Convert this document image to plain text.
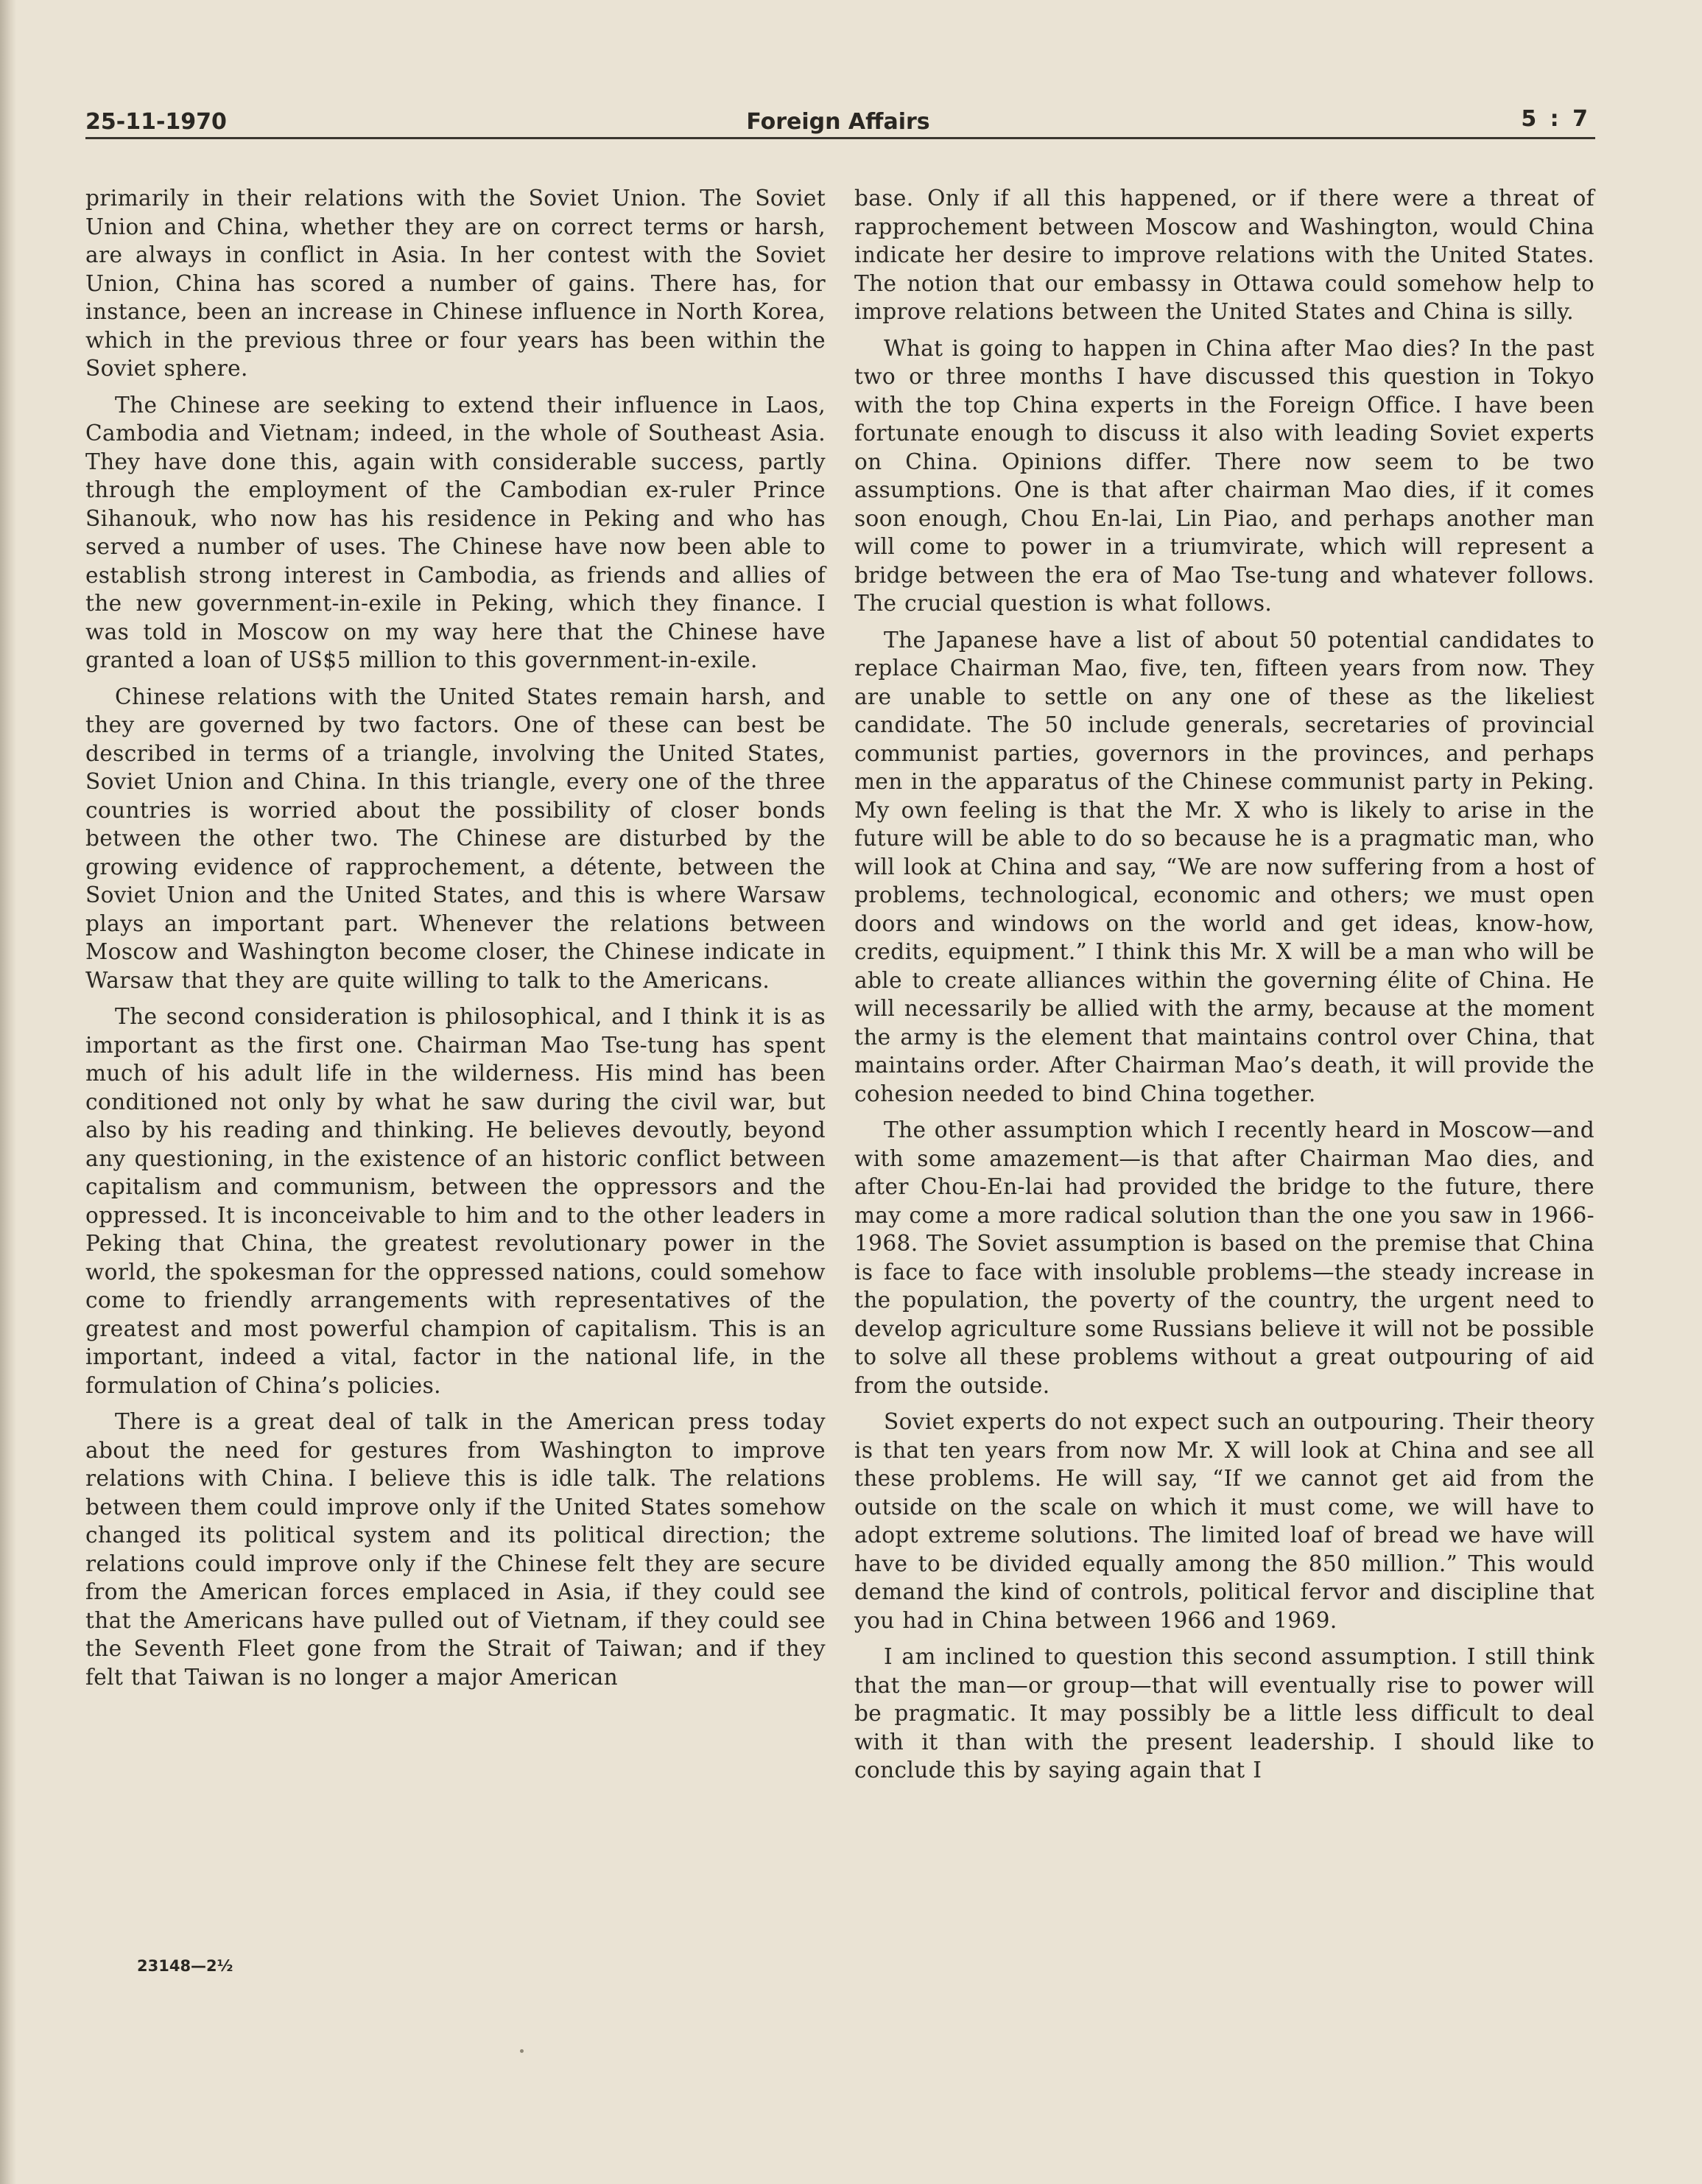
25-11-1970	Foreign Affairs	5 : 7

primarily in their relations with the Soviet Union. The Soviet Union and China, whether they are on correct terms or harsh, are always in conflict in Asia. In her contest with the Soviet Union, China has scored a number of gains. There has, for instance, been an increase in Chinese influence in North Korea, which in the previous three or four years has been within the Soviet sphere.

The Chinese are seeking to extend their influence in Laos, Cambodia and Vietnam; indeed, in the whole of Southeast Asia. They have done this, again with considerable success, partly through the employment of the Cambodian ex-ruler Prince Sihanouk, who now has his residence in Peking and who has served a number of uses. The Chinese have now been able to establish strong interest in Cambodia, as friends and allies of the new government-in-exile in Peking, which they finance. I was told in Moscow on my way here that the Chinese have granted a loan of US$5 million to this government-in-exile.

Chinese relations with the United States remain harsh, and they are governed by two factors. One of these can best be described in terms of a triangle, involving the United States, Soviet Union and China. In this triangle, every one of the three countries is worried about the possibility of closer bonds between the other two. The Chinese are disturbed by the growing evidence of rapprochement, a détente, between the Soviet Union and the United States, and this is where Warsaw plays an important part. Whenever the relations between Moscow and Washington become closer, the Chinese indicate in Warsaw that they are quite willing to talk to the Americans.

The second consideration is philosophical, and I think it is as important as the first one. Chairman Mao Tse-tung has spent much of his adult life in the wilderness. His mind has been conditioned not only by what he saw during the civil war, but also by his reading and thinking. He believes devoutly, beyond any questioning, in the existence of an historic conflict between capitalism and communism, between the oppressors and the oppressed. It is inconceivable to him and to the other leaders in Peking that China, the greatest revolutionary power in the world, the spokesman for the oppressed nations, could somehow come to friendly arrangements with representatives of the greatest and most powerful champion of capitalism. This is an important, indeed a vital, factor in the national life, in the formulation of China’s policies.

There is a great deal of talk in the American press today about the need for gestures from Washington to improve relations with China. I believe this is idle talk. The relations between them could improve only if the United States somehow changed its political system and its political direction; the relations could improve only if the Chinese felt they are secure from the American forces emplaced in Asia, if they could see that the Americans have pulled out of Vietnam, if they could see the Seventh Fleet gone from the Strait of Taiwan; and if they felt that Taiwan is no longer a major American

base. Only if all this happened, or if there were a threat of rapprochement between Moscow and Washington, would China indicate her desire to improve relations with the United States. The notion that our embassy in Ottawa could somehow help to improve relations between the United States and China is silly.

What is going to happen in China after Mao dies? In the past two or three months I have discussed this question in Tokyo with the top China experts in the Foreign Office. I have been fortunate enough to discuss it also with leading Soviet experts on China. Opinions differ. There now seem to be two assumptions. One is that after chairman Mao dies, if it comes soon enough, Chou En-lai, Lin Piao, and perhaps another man will come to power in a triumvirate, which will represent a bridge between the era of Mao Tse-tung and whatever follows. The crucial question is what follows.

The Japanese have a list of about 50 potential candidates to replace Chairman Mao, five, ten, fifteen years from now. They are unable to settle on any one of these as the likeliest candidate. The 50 include generals, secretaries of provincial communist parties, governors in the provinces, and perhaps men in the apparatus of the Chinese communist party in Peking. My own feeling is that the Mr. X who is likely to arise in the future will be able to do so because he is a pragmatic man, who will look at China and say, “We are now suffering from a host of problems, technological, economic and others; we must open doors and windows on the world and get ideas, know-how, credits, equipment.” I think this Mr. X will be a man who will be able to create alliances within the governing élite of China. He will necessarily be allied with the army, because at the moment the army is the element that maintains control over China, that maintains order. After Chairman Mao’s death, it will provide the cohesion needed to bind China together.

The other assumption which I recently heard in Moscow—and with some amazement—is that after Chairman Mao dies, and after Chou-En-lai had provided the bridge to the future, there may come a more radical solution than the one you saw in 1966-1968. The Soviet assumption is based on the premise that China is face to face with insoluble problems—the steady increase in the population, the poverty of the country, the urgent need to develop agriculture some Russians believe it will not be possible to solve all these problems without a great outpouring of aid from the outside.

Soviet experts do not expect such an outpouring. Their theory is that ten years from now Mr. X will look at China and see all these problems. He will say, “If we cannot get aid from the outside on the scale on which it must come, we will have to adopt extreme solutions. The limited loaf of bread we have will have to be divided equally among the 850 million.” This would demand the kind of controls, political fervor and discipline that you had in China between 1966 and 1969.

I am inclined to question this second assumption. I still think that the man—or group—that will eventually rise to power will be pragmatic. It may possibly be a little less difficult to deal with it than with the present leadership. I should like to conclude this by saying again that I

23148—2½
